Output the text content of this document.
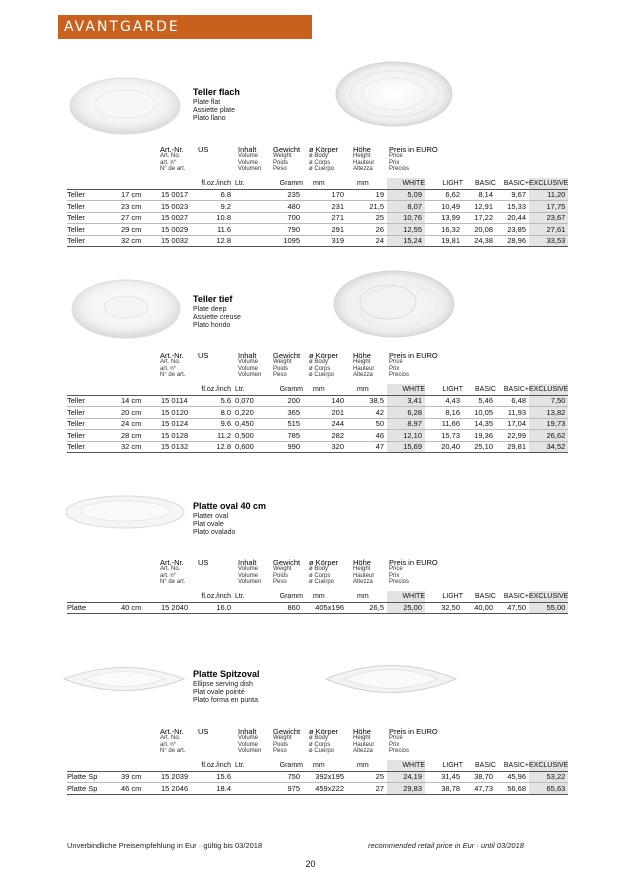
AVANTGARDE
Teller flach
Plate flat
Assiette plate
Plato llano
Teller tief
Plate deep
Assiette creuse
Plato hondo
Platte oval 40 cm
Platter oval
Plat ovale
Plato ovalado
Platte Spitzoval
Ellipse serving dish
Plat ovale pointé
Plato forma en punta
Art.-Nr.
Art. No.
art. n°
N° de art.
US	Inhalt
Volume
Volume
Volumen
Gewicht
Weight
Poids
Peso
ø Körper
ø Body
ø Corps
ø Cuerpo
Höhe
Height
Hauteur
Altezza
Preis in EURO
Price
Prix
Precios
			fl.oz./inch	Ltr.	Gramm	mm	mm	WHITE	LIGHT	BASIC	BASIC+	EXCLUSIVE
Teller	17 cm	15 0017	6.8		235	170	19	5,09	6,62	8,14	9,67	11,20
Teller	23 cm	15 0023	9.2		480	231	21,5	8,07	10,49	12,91	15,33	17,75
Teller	27 cm	15 0027	10.8		700	271	25	10,76	13,99	17,22	20,44	23,67
Teller	29 cm	15 0029	11.6		790	291	26	12,55	16,32	20,08	23,85	27,61
Teller	32 cm	15 0032	12.8		1095	319	24	15,24	19,81	24,38	28,96	33,53
Art.-Nr.
Art. No.
art. n°
N° de art.
US	Inhalt
Volume
Volume
Volumen
Gewicht
Weight
Poids
Peso
ø Körper
ø Body
ø Corps
ø Cuerpo
Höhe
Height
Hauteur
Altezza
Preis in EURO
Price
Prix
Precios
			fl.oz./inch	Ltr.	Gramm	mm	mm	WHITE	LIGHT	BASIC	BASIC+	EXCLUSIVE
Teller	14 cm	15 0114	5.6	0,070	200	140	38,5	3,41	4,43	5,46	6,48	7,50
Teller	20 cm	15 0120	8.0	0,220	365	201	42	6,28	8,16	10,05	11,93	13,82
Teller	24 cm	15 0124	9.6	0,450	515	244	50	8,97	11,66	14,35	17,04	19,73
Teller	28 cm	15 0128	11.2	0,500	785	282	46	12,10	15,73	19,36	22,99	26,62
Teller	32 cm	15 0132	12.8	0,600	990	320	47	15,69	20,40	25,10	29,81	34,52
Art.-Nr.
Art. No.
art. n°
N° de art.
US	Inhalt
Volume
Volume
Volumen
Gewicht
Weight
Poids
Peso
ø Körper
ø Body
ø Corps
ø Cuerpo
Höhe
Height
Hauteur
Altezza
Preis in EURO
Price
Prix
Precios
			fl.oz./inch	Ltr.	Gramm	mm	mm	WHITE	LIGHT	BASIC	BASIC+	EXCLUSIVE
Platte	40 cm	15 2040	16.0		860	405x196	26,5	25,00	32,50	40,00	47,50	55,00
Art.-Nr.
Art. No.
art. n°
N° de art.
US	Inhalt
Volume
Volume
Volumen
Gewicht
Weight
Poids
Peso
ø Körper
ø Body
ø Corps
ø Cuerpo
Höhe
Height
Hauteur
Altezza
Preis in EURO
Price
Prix
Precios
			fl.oz./inch	Ltr.	Gramm	mm	mm	WHITE	LIGHT	BASIC	BASIC+	EXCLUSIVE
Platte Sp	39 cm	15 2039	15.6		750	392x195	25	24,19	31,45	38,70	45,96	53,22
Platte Sp	46 cm	15 2046	18.4		975	459x222	27	29,83	38,78	47,73	56,68	65,63
Unverbindliche Preisempfehlung in Eur · gültig bis 03/2018	recommended retail price in Eur · until 03/2018
20
